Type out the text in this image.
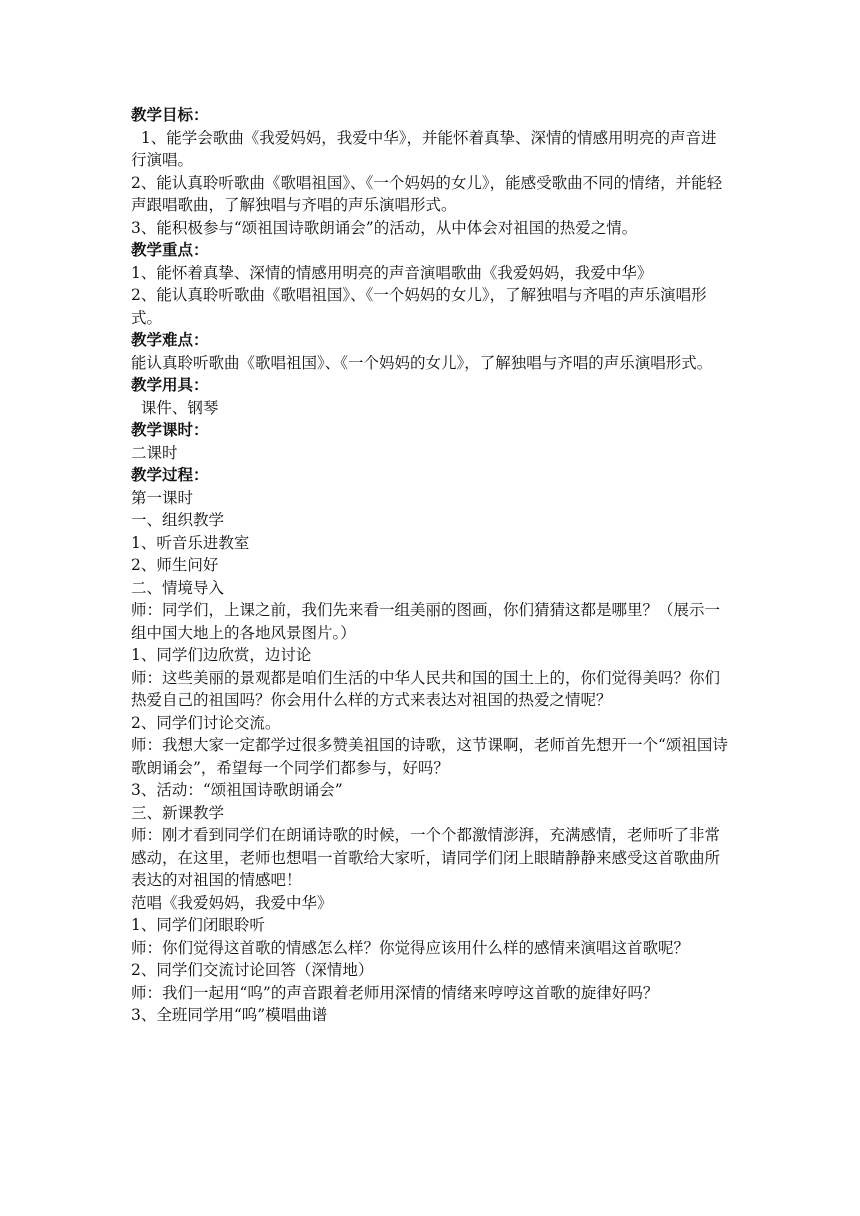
教学目标：

1、能学会歌曲《我爱妈妈，我爱中华》，并能怀着真挚、深情的情感用明亮的声音进行演唱。

2、能认真聆听歌曲《歌唱祖国》、《一个妈妈的女儿》，能感受歌曲不同的情绪，并能轻声跟唱歌曲，了解独唱与齐唱的声乐演唱形式。

3、能积极参与“颂祖国诗歌朗诵会”的活动，从中体会对祖国的热爱之情。

教学重点：

1、能怀着真挚、深情的情感用明亮的声音演唱歌曲《我爱妈妈，我爱中华》

2、能认真聆听歌曲《歌唱祖国》、《一个妈妈的女儿》，了解独唱与齐唱的声乐演唱形式。

教学难点：

能认真聆听歌曲《歌唱祖国》、《一个妈妈的女儿》，了解独唱与齐唱的声乐演唱形式。

教学用具：

课件、钢琴

教学课时：

二课时

教学过程：

第一课时

一、组织教学

1、听音乐进教室

2、师生问好

二、情境导入

师：同学们，上课之前，我们先来看一组美丽的图画，你们猜猜这都是哪里？（展示一组中国大地上的各地风景图片。）

1、同学们边欣赏，边讨论

师：这些美丽的景观都是咱们生活的中华人民共和国的国土上的，你们觉得美吗？你们热爱自己的祖国吗？你会用什么样的方式来表达对祖国的热爱之情呢？

2、同学们讨论交流。

师：我想大家一定都学过很多赞美祖国的诗歌，这节课啊，老师首先想开一个“颂祖国诗歌朗诵会”，希望每一个同学们都参与，好吗？

3、活动：“颂祖国诗歌朗诵会”

三、新课教学

师：刚才看到同学们在朗诵诗歌的时候，一个个都激情澎湃，充满感情，老师听了非常感动，在这里，老师也想唱一首歌给大家听，请同学们闭上眼睛静静来感受这首歌曲所表达的对祖国的情感吧！

范唱《我爱妈妈，我爱中华》

1、同学们闭眼聆听

师：你们觉得这首歌的情感怎么样？你觉得应该用什么样的感情来演唱这首歌呢？

2、同学们交流讨论回答（深情地）

师：我们一起用“呜”的声音跟着老师用深情的情绪来哼哼这首歌的旋律好吗？

3、全班同学用“呜”模唱曲谱
